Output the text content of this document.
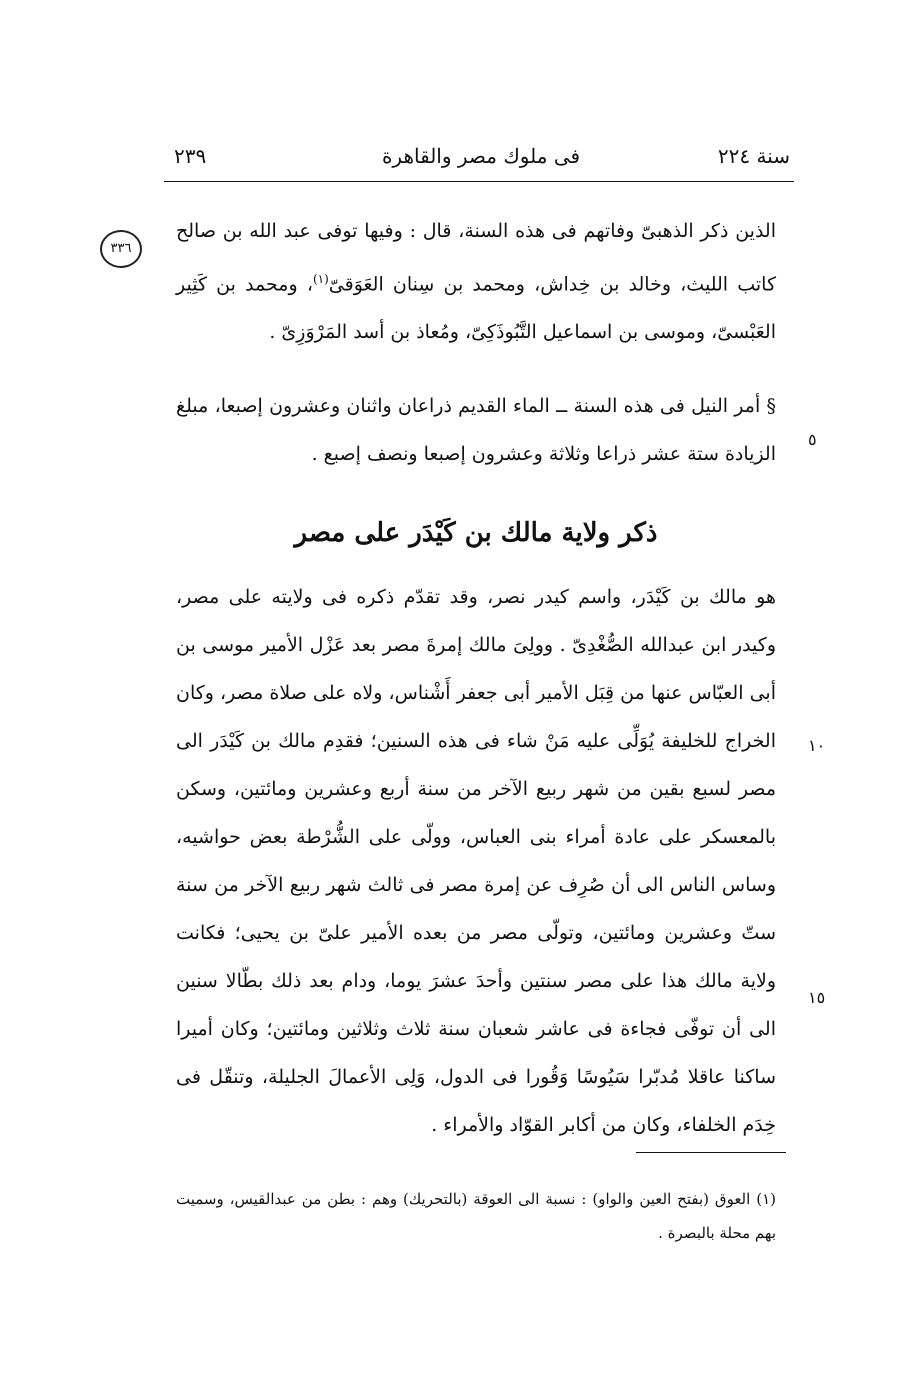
سنة ٢٢٤
فى ملوك مصر والقاهرة
٢٣٩
٣٣٦

الذين ذكر الذهبىّ وفاتهم فى هذه السنة، قال : وفيها توفى عبد الله بن صالح كاتب الليث، وخالد بن خِداش، ومحمد بن سِنان العَوَقىّ$^{(١)}$، ومحمد بن كَثِير العَبْسىّ، وموسى بن اسماعيل التَّبُوذَكِىّ، ومُعاذ بن أسد المَرْوَزِىّ .

§ أمر النيل فى هذه السنة ــ الماء القديم ذراعان واثنان وعشرون إصبعا، مبلغ الزيادة ستة عشر ذراعا وثلاثة وعشرون إصبعا ونصف إصبع .

ذكر ولاية مالك بن كَيْدَر على مصر

هو مالك بن كَيْدَر، واسم كيدر نصر، وقد تقدّم ذكره فى ولايته على مصر، وكيدر ابن عبدالله الصُّغْدِىّ . وولِىَ مالك إمرةَ مصر بعد عَزْل الأمير موسى بن أبى العبّاس عنها من قِبَل الأمير أبى جعفر أَشْناس، ولاه على صلاة مصر، وكان الخراج للخليفة يُوَلِّى عليه مَنْ شاء فى هذه السنين؛ فقدِم مالك بن كَيْدَر الى مصر لسبع بقين من شهر ربيع الآخر من سنة أربع وعشرين ومائتين، وسكن بالمعسكر على عادة أمراء بنى العباس، وولّى على الشُّرْطة بعض حواشيه، وساس الناس الى أن صُرِف عن إمرة مصر فى ثالث شهر ربيع الآخر من سنة ستّ وعشرين ومائتين، وتولّى مصر من بعده الأمير علىّ بن يحيى؛ فكانت ولاية مالك هذا على مصر سنتين وأحدَ عشرَ يوما، ودام بعد ذلك بطّالا سنين الى أن توفّى فجاءة فى عاشر شعبان سنة ثلاث وثلاثين ومائتين؛ وكان أميرا ساكنا عاقلا مُدبّرا سَيُوسًا وَقُورا فى الدول، وَلِى الأعمالَ الجليلة، وتنقّل فى خِدَم الخلفاء، وكان من أكابر القوّاد والأمراء .

٥
١٠
١٥

(١) العوق (بفتح العين والواو) : نسبة الى العوقة (بالتحريك) وهم : بطن من عبدالقيس، وسميت بهم محلة بالبصرة .
